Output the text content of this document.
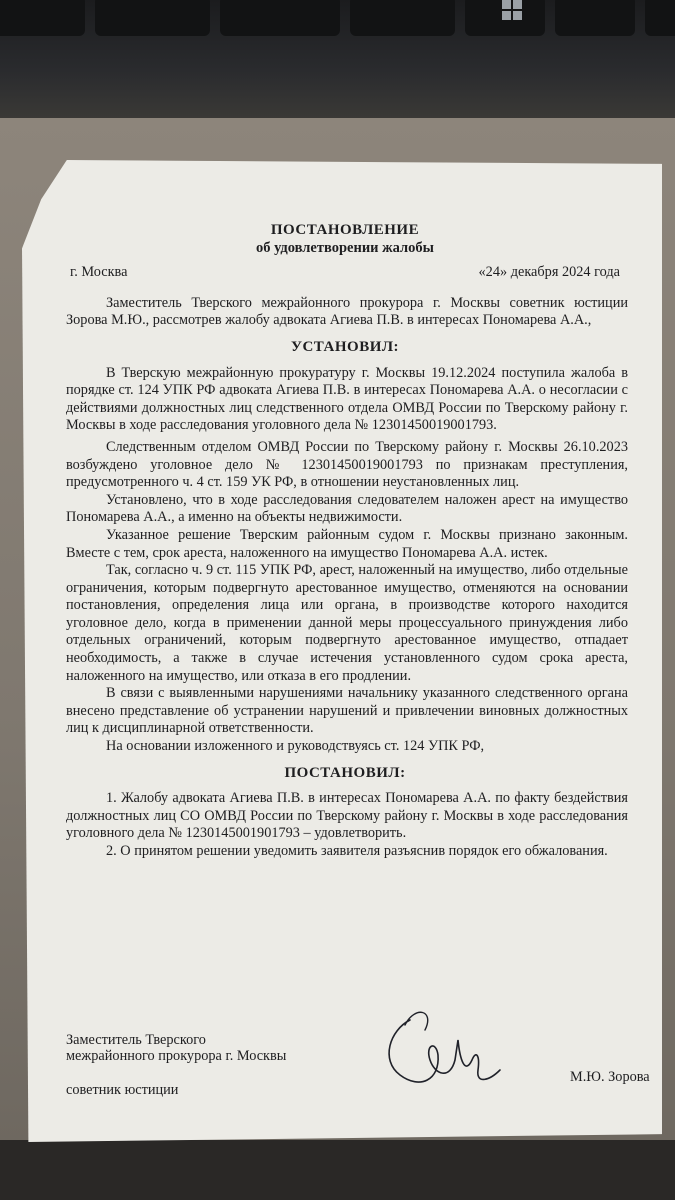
ПОСТАНОВЛЕНИЕ
об удовлетворении жалобы
г. Москва	«24» декабря 2024 года

Заместитель Тверского межрайонного прокурора г. Москвы советник юстиции Зорова М.Ю., рассмотрев жалобу адвоката Агиева П.В. в интересах Пономарева А.А.,

УСТАНОВИЛ:

В Тверскую межрайонную прокуратуру г. Москвы 19.12.2024 поступила жалоба в порядке ст. 124 УПК РФ адвоката Агиева П.В. в интересах Пономарева А.А. о несогласии с действиями должностных лиц следственного отдела ОМВД России по Тверскому району г. Москвы в ходе расследования уголовного дела № 12301450019001793.

Следственным отделом ОМВД России по Тверскому району г. Москвы 26.10.2023 возбуждено уголовное дело № 12301450019001793 по признакам преступления, предусмотренного ч. 4 ст. 159 УК РФ, в отношении неустановленных лиц.

Установлено, что в ходе расследования следователем наложен арест на имущество Пономарева А.А., а именно на объекты недвижимости.

Указанное решение Тверским районным судом г. Москвы признано законным. Вместе с тем, срок ареста, наложенного на имущество Пономарева А.А. истек.

Так, согласно ч. 9 ст. 115 УПК РФ, арест, наложенный на имущество, либо отдельные ограничения, которым подвергнуто арестованное имущество, отменяются на основании постановления, определения лица или органа, в производстве которого находится уголовное дело, когда в применении данной меры процессуального принуждения либо отдельных ограничений, которым подвергнуто арестованное имущество, отпадает необходимость, а также в случае истечения установленного судом срока ареста, наложенного на имущество, или отказа в его продлении.

В связи с выявленными нарушениями начальнику указанного следственного органа внесено представление об устранении нарушений и привлечении виновных должностных лиц к дисциплинарной ответственности.

На основании изложенного и руководствуясь ст. 124 УПК РФ,

ПОСТАНОВИЛ:

1. Жалобу адвоката Агиева П.В. в интересах Пономарева А.А. по факту бездействия должностных лиц СО ОМВД России по Тверскому району г. Москвы в ходе расследования уголовного дела № 1230145001901793 – удовлетворить.

2. О принятом решении уведомить заявителя разъяснив порядок его обжалования.

Заместитель Тверского
межрайонного прокурора г. Москвы
советник юстиции
М.Ю. Зорова
